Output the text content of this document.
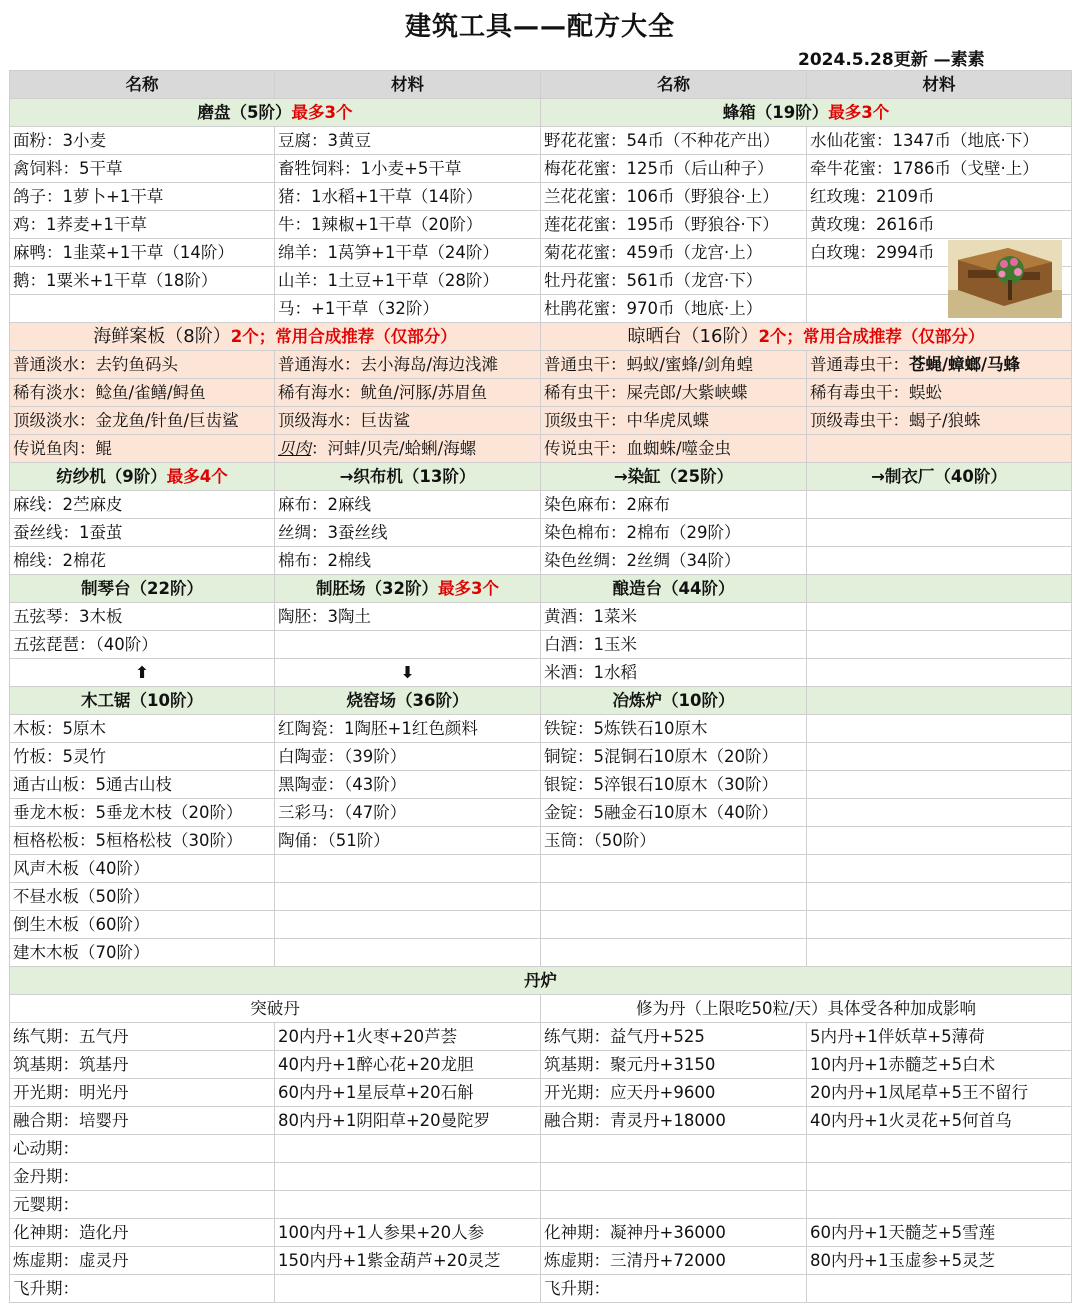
建筑工具——配方大全
2024.5.28更新 —素素
名称	材料	名称	材料
磨盘（5阶）最多3个		蜂箱（19阶）最多3个	
面粉：3小麦	豆腐：3黄豆	野花花蜜：54币（不种花产出）	水仙花蜜：1347币（地底·下）
禽饲料：5干草	畜牲饲料：1小麦+5干草	梅花花蜜：125币（后山种子）	牵牛花蜜：1786币（戈壁·上）
鸽子：1萝卜+1干草	猪：1水稻+1干草（14阶）	兰花花蜜：106币（野狼谷·上）	红玫瑰：2109币
鸡：1荞麦+1干草	牛：1辣椒+1干草（20阶）	莲花花蜜：195币（野狼谷·下）	黄玫瑰：2616币
麻鸭：1韭菜+1干草（14阶）	绵羊：1莴笋+1干草（24阶）	菊花花蜜：459币（龙宫·上）	白玫瑰：2994币
鹅：1粟米+1干草（18阶）	山羊：1土豆+1干草（28阶）	牡丹花蜜：561币（龙宫·下）	
	马：+1干草（32阶）	杜鹃花蜜：970币（地底·上）	
海鲜案板（8阶）2个；常用合成推荐（仅部分）		晾晒台（16阶）2个；常用合成推荐（仅部分）	
普通淡水：去钓鱼码头	普通海水：去小海岛/海边浅滩	普通虫干：蚂蚁/蜜蜂/剑角蝗	普通毒虫干：苍蝇/蟑螂/马蜂
稀有淡水：鲶鱼/雀鳝/鲟鱼	稀有海水：鱿鱼/河豚/苏眉鱼	稀有虫干：屎壳郎/大紫峡蝶	稀有毒虫干：蜈蚣
顶级淡水：金龙鱼/针鱼/巨齿鲨	顶级海水：巨齿鲨	顶级虫干：中华虎凤蝶	顶级毒虫干：蝎子/狼蛛
传说鱼肉：鲲	贝肉：河蚌/贝壳/蛤蜊/海螺	传说虫干：血蜘蛛/噬金虫	
纺纱机（9阶）最多4个	→织布机（13阶）	→染缸（25阶）	→制衣厂（40阶）
麻线：2苎麻皮	麻布：2麻线	染色麻布：2麻布	
蚕丝线：1蚕茧	丝绸：3蚕丝线	染色棉布：2棉布（29阶）	
棉线：2棉花	棉布：2棉线	染色丝绸：2丝绸（34阶）	
制琴台（22阶）	制胚场（32阶）最多3个	酿造台（44阶）	
五弦琴：3木板	陶胚：3陶土	黄酒：1菜米	
五弦琵琶：（40阶）		白酒：1玉米	
⬆	⬇	米酒：1水稻	
木工锯（10阶）	烧窑场（36阶）	冶炼炉（10阶）	
木板：5原木	红陶瓷：1陶胚+1红色颜料	铁锭：5炼铁石10原木	
竹板：5灵竹	白陶壶：（39阶）	铜锭：5混铜石10原木（20阶）	
通古山板：5通古山枝	黑陶壶：（43阶）	银锭：5淬银石10原木（30阶）	
垂龙木板：5垂龙木枝（20阶）	三彩马：（47阶）	金锭：5融金石10原木（40阶）	
桓格松板：5桓格松枝（30阶）	陶俑：（51阶）	玉筒：（50阶）	
风声木板（40阶）			
不昼水板（50阶）			
倒生木板（60阶）			
建木木板（70阶）			
丹炉			
突破丹		修为丹（上限吃50粒/天）具体受各种加成影响	
练气期：五气丹	20内丹+1火枣+20芦荟	练气期：益气丹+525	5内丹+1伴妖草+5薄荷
筑基期：筑基丹	40内丹+1醉心花+20龙胆	筑基期：聚元丹+3150	10内丹+1赤髓芝+5白术
开光期：明光丹	60内丹+1星辰草+20石斛	开光期：应天丹+9600	20内丹+1凤尾草+5王不留行
融合期：培婴丹	80内丹+1阴阳草+20曼陀罗	融合期：青灵丹+18000	40内丹+1火灵花+5何首乌
心动期：			
金丹期：			
元婴期：			
化神期：造化丹	100内丹+1人参果+20人参	化神期：凝神丹+36000	60内丹+1天髓芝+5雪莲
炼虚期：虚灵丹	150内丹+1紫金葫芦+20灵芝	炼虚期：三清丹+72000	80内丹+1玉虚参+5灵芝
飞升期：		飞升期：	
